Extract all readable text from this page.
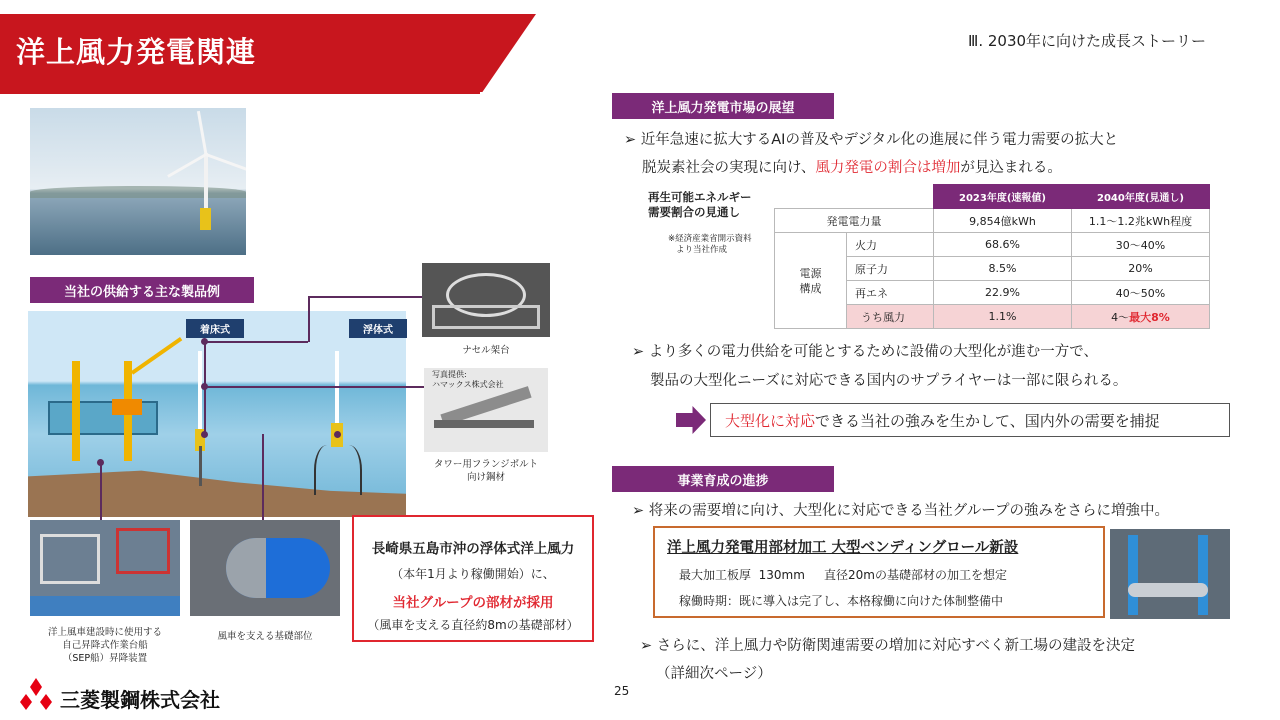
洋上風力発電関連	Ⅲ. 2030年に向けた成長ストーリー
当社の供給する主な製品例
着床式	浮体式
ナセル架台
写真提供:
ハマックス株式会社
タワー用フランジボルト
向け鋼材
洋上風車建設時に使用する
自己昇降式作業台船
（SEP船）昇降装置
風車を支える基礎部位
長崎県五島市沖の浮体式洋上風力
（本年1月より稼働開始）に、
当社グループの部材が採用
（風車を支える直径約8mの基礎部材）
洋上風力発電市場の展望
➢ 近年急速に拡大するAIの普及やデジタル化の進展に伴う電力需要の拡大と
脱炭素社会の実現に向け、風力発電の割合は増加が見込まれる。
再生可能エネルギー
需要割合の見通し
※経済産業省開示資料
より当社作成
		2023年度(速報値)	2040年度(見通し)
発電電力量		9,854億kWh	1.1～1.2兆kWh程度

電源
構成	火力	68.6%	30～40%
	原子力	8.5%	20%
	再エネ	22.9%	40～50%
	うち風力	1.1%	4～最大8%
➢ より多くの電力供給を可能とするために設備の大型化が進む一方で、
製品の大型化ニーズに対応できる国内のサプライヤーは一部に限られる。
大型化に対応 できる当社の強みを生かして、国内外の需要を捕捉
事業育成の進捗
➢ 将来の需要増に向け、大型化に対応できる当社グループの強みをさらに増強中。
洋上風力発電用部材加工 大型ベンディングロール新設
最大加工板厚  130mm     直径20mの基礎部材の加工を想定
稼働時期：既に導入は完了し、本格稼働に向けた体制整備中
➢ さらに、洋上風力や防衛関連需要の増加に対応すべく新工場の建設を決定
（詳細次ページ）
三菱製鋼株式会社	25
